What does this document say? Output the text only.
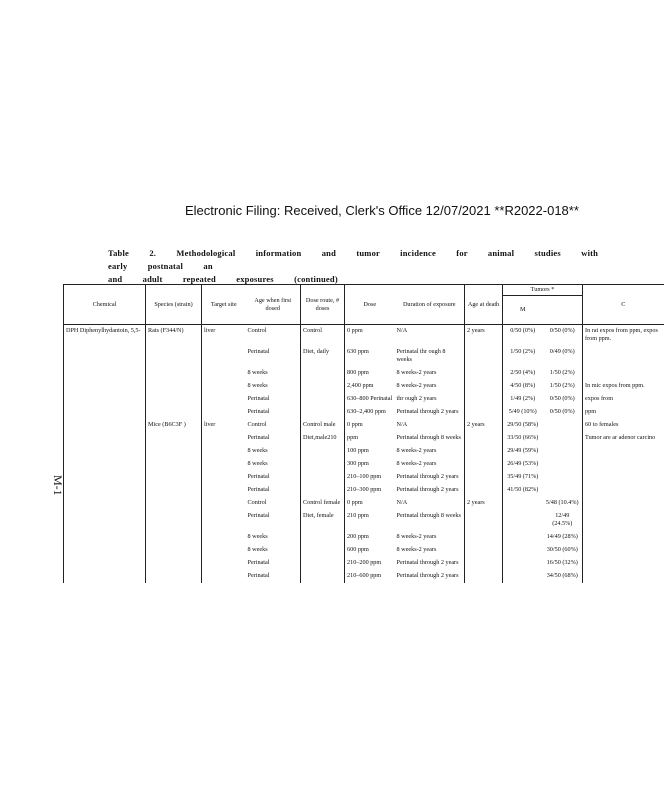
Electronic Filing: Received, Clerk's Office 12/07/2021 **R2022-018**
M-1
Table 2. Methodological information and tumor incidence for animal studies with early postnatal an
and adult repeated exposures (continued)
Chemical	Species (strain)	Target site	Age when first dosed	Dose route, # doses	Dose	Duration of exposure	Age at death	Tumors *		C
								M		
DPH Diphenylhydantoin, 5,5-	Rats (F344/N)	liver	Control	Control	0 ppm	N/A	2 years	0/50 (0%)	0/50 (0%)	In rat expos from ppm, expos from ppm.
			Perinatal	Diet, daily	630 ppm	Perinatal thr ough 8 weeks		1/50 (2%)	0/49 (0%)	
			8 weeks		800 ppm	8 weeks-2 years		2/50 (4%)	1/50 (2%)	
			8 weeks		2,400 ppm	8 weeks-2 years		4/50 (8%)	1/50 (2%)	In mic expos from ppm.
			Perinatal		630–800 Perinatal	thr ough 2 years		1/49 (2%)	0/50 (0%)	expos from
			Perinatal		630–2,400 ppm	Perinatal through 2 years		5/49 (10%)	0/50 (0%)	ppm
	Mice (B6C3F )	liver	Control	Control male	0 ppm	N/A	2 years	29/50 (58%)		60 to females
			Perinatal	Diet,male210	ppm	Perinatal through 8 weeks		33/50 (66%)		Tumor are ar adenor carcino
			8 weeks		100 ppm	8 weeks-2 years		29/49 (59%)		
			8 weeks		300 ppm	8 weeks-2 years		26/49 (53%)		
			Perinatal		210–100 ppm	Perinatal through 2 years		35/49 (71%)		
			Perinatal		210–300 ppm	Perinatal through 2 years		41/50 (82%)		
			Control	Control female	0 ppm	N/A	2 years		5/48 (10.4%)	
			Perinatal	Diet, female	210 ppm	Perinatal through 8 weeks			12/49 (24.5%)	
			8 weeks		200 ppm	8 weeks-2 years			14/49 (28%)	
			8 weeks		600 ppm	8 weeks-2 years			30/50 (60%)	
			Perinatal		210–200 ppm	Perinatal through 2 years			16/50 (32%)	
			Perinatal		210–600 ppm	Perinatal through 2 years			34/50 (68%)	
